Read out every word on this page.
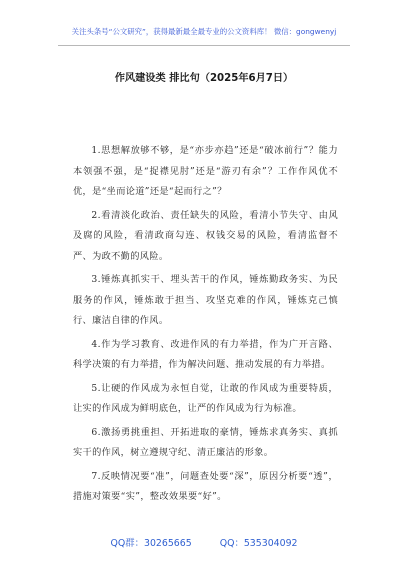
关注头条号“公文研究”，获得最新最全最专业的公文资料库！ 微信：gongwenyj
作风建设类 排比句（2025年6月7日）

1.思想解放够不够，是“亦步亦趋”还是“破冰前行”？能力本领强不强，是“捉襟见肘”还是“游刃有余”？工作作风优不优，是“坐而论道”还是“起而行之”？

2.看清淡化政治、责任缺失的风险，看清小节失守、由风及腐的风险，看清政商勾连、权钱交易的风险，看清监督不严、为政不勤的风险。

3.锤炼真抓实干、埋头苦干的作风，锤炼勤政务实、为民服务的作风，锤炼敢于担当、攻坚克难的作风，锤炼克己慎行、廉洁自律的作风。

4.作为学习教育、改进作风的有力举措，作为广开言路、科学决策的有力举措，作为解决问题、推动发展的有力举措。

5.让硬的作风成为永恒自觉，让敢的作风成为重要特质，让实的作风成为鲜明底色，让严的作风成为行为标准。

6.激扬勇挑重担、开拓进取的豪情，锤炼求真务实、真抓实干的作风，树立遵规守纪、清正廉洁的形象。

7.反映情况要“准”，问题查处要“深”，原因分析要“透”，措施对策要“实”，整改效果要“好”。

QQ群：30265665	QQ：535304092
